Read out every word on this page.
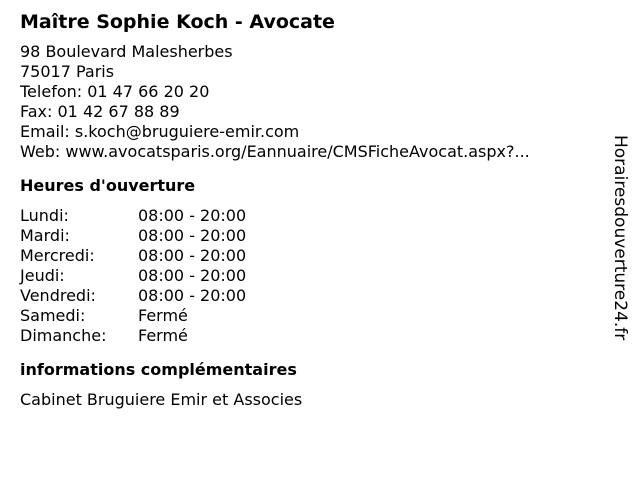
Maître Sophie Koch - Avocate
98 Boulevard Malesherbes
75017 Paris
Telefon: 01 47 66 20 20
Fax: 01 42 67 88 89
Email: s.koch@bruguiere-emir.com
Web: www.avocatsparis.org/Eannuaire/CMSFicheAvocat.aspx?...
Heures d'ouverture
Lundi:	08:00 - 20:00
Mardi:	08:00 - 20:00
Mercredi:	08:00 - 20:00
Jeudi:	08:00 - 20:00
Vendredi:	08:00 - 20:00
Samedi:	Fermé
Dimanche:	Fermé
informations complémentaires
Cabinet Bruguiere Emir et Associes
Horairesdouverture24.fr
